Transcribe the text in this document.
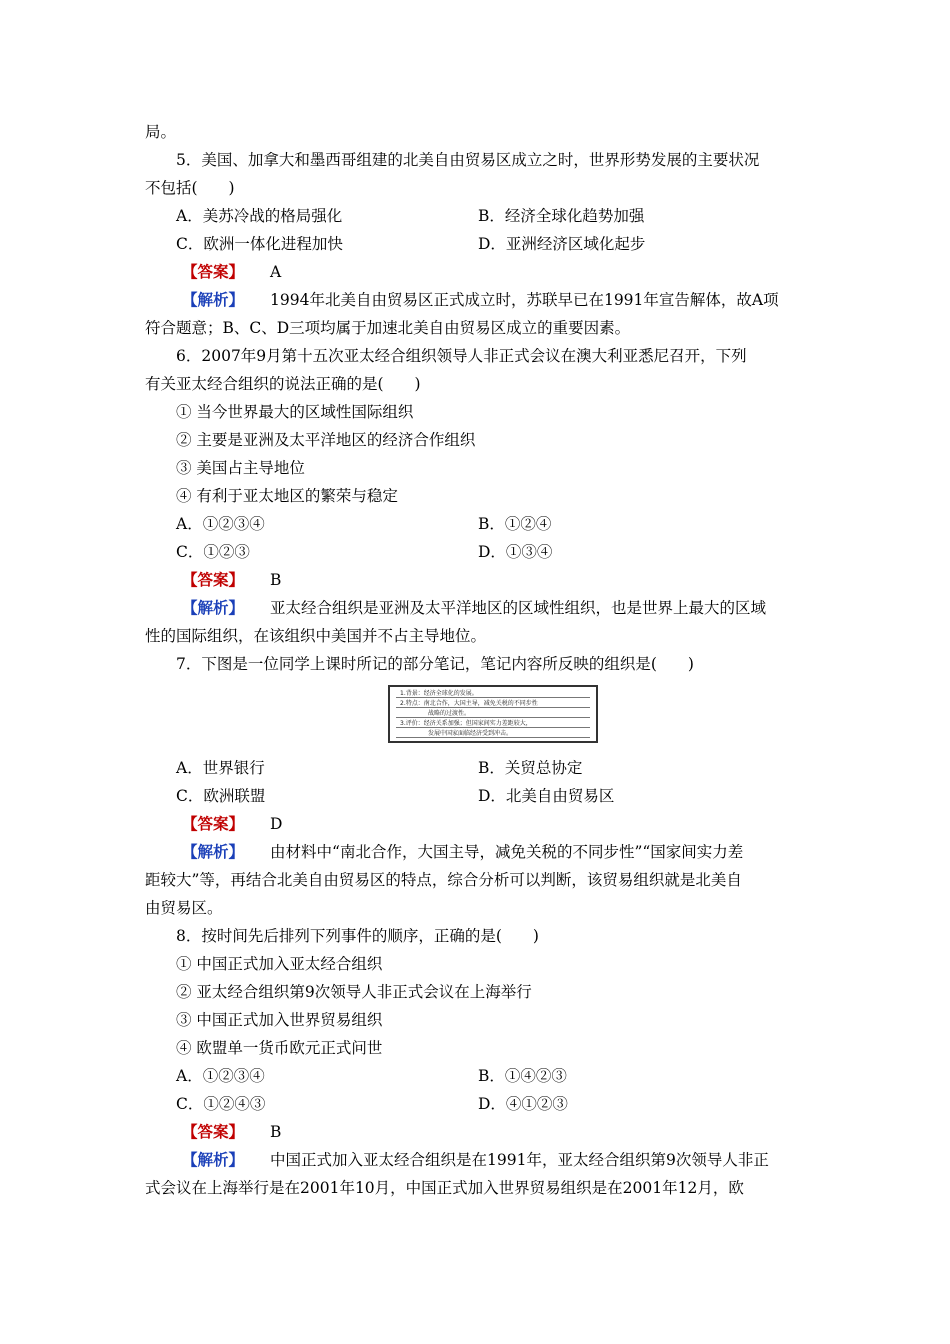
局。
5．美国、加拿大和墨西哥组建的北美自由贸易区成立之时，世界形势发展的主要状况
不包括(　　)
A．美苏冷战的格局强化	B．经济全球化趋势加强
C．欧洲一体化进程加快	D．亚洲经济区域化起步
【答案】 A
【解析】 1994年北美自由贸易区正式成立时，苏联早已在1991年宣告解体，故A项
符合题意；B、C、D三项均属于加速北美自由贸易区成立的重要因素。
6．2007年9月第十五次亚太经合组织领导人非正式会议在澳大利亚悉尼召开，下列
有关亚太经合组织的说法正确的是(　　)
① 当今世界最大的区域性国际组织
② 主要是亚洲及太平洋地区的经济合作组织
③ 美国占主导地位
④ 有利于亚太地区的繁荣与稳定
A．①②③④	B．①②④
C．①②③	D．①③④
【答案】 B
【解析】 亚太经合组织是亚洲及太平洋地区的区域性组织，也是世界上最大的区域
性的国际组织，在该组织中美国并不占主导地位。
7．下图是一位同学上课时所记的部分笔记，笔记内容所反映的组织是(　　)
1.背景：经济全球化的发展。
2.特点：南北合作，大国主导，减免关税的不同步性
战略的过渡性。
3.评价：经济关系加强；但国家间实力差距较大，
发展中国家面临经济受到冲击。
A．世界银行	B．关贸总协定
C．欧洲联盟	D．北美自由贸易区
【答案】 D
【解析】 由材料中“南北合作，大国主导，减免关税的不同步性”“国家间实力差
距较大”等，再结合北美自由贸易区的特点，综合分析可以判断，该贸易组织就是北美自
由贸易区。
8．按时间先后排列下列事件的顺序，正确的是(　　)
① 中国正式加入亚太经合组织
② 亚太经合组织第9次领导人非正式会议在上海举行
③ 中国正式加入世界贸易组织
④ 欧盟单一货币欧元正式问世
A．①②③④	B．①④②③
C．①②④③	D．④①②③
【答案】 B
【解析】 中国正式加入亚太经合组织是在1991年，亚太经合组织第9次领导人非正
式会议在上海举行是在2001年10月，中国正式加入世界贸易组织是在2001年12月，欧
